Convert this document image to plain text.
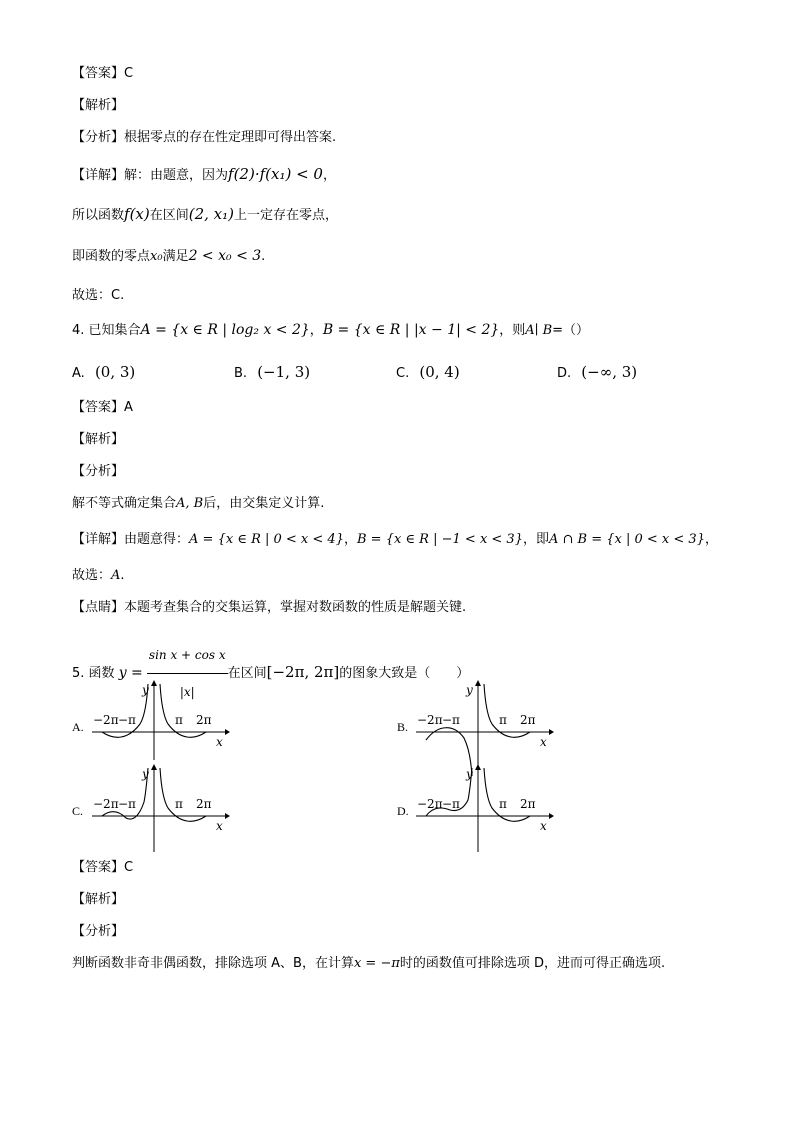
【答案】C
【解析】
【分析】根据零点的存在性定理即可得出答案.
【详解】解：由题意，因为f(2)·f(x₁) < 0，
所以函数f(x)在区间(2, x₁)上一定存在零点，
即函数的零点x₀满足2 < x₀ < 3.
故选：C.
4. 已知集合A = {x ∈ R | log₂ x < 2}，B = {x ∈ R | |x − 1| < 2}，则A∣ B=（）
A. (0, 3)	B. (−1, 3)	C. (0, 4)	D. (−∞, 3)
【答案】A
【解析】
【分析】
解不等式确定集合A, B后，由交集定义计算.
【详解】由题意得：A = {x ∈ R | 0 < x < 4}，B = {x ∈ R | −1 < x < 3}，即A ∩ B = {x | 0 < x < 3}，
故选：A.
【点睛】本题考查集合的交集运算，掌握对数函数的性质是解题关键.
5. 函数 $y = \frac{\text{sin x + cos x}}{|x|}$ 在区间[−2π, 2π]的图象大致是（　　）
A.
y
x
−2π −π	π 2π	B.
y
x
−2π −π	π 2π
C.
y
x
−2π −π	π 2π	D.
y
x
−2π −π	π 2π
【答案】C
【解析】
【分析】
判断函数非奇非偶函数，排除选项 A、B，在计算x = −π时的函数值可排除选项 D，进而可得正确选项.
